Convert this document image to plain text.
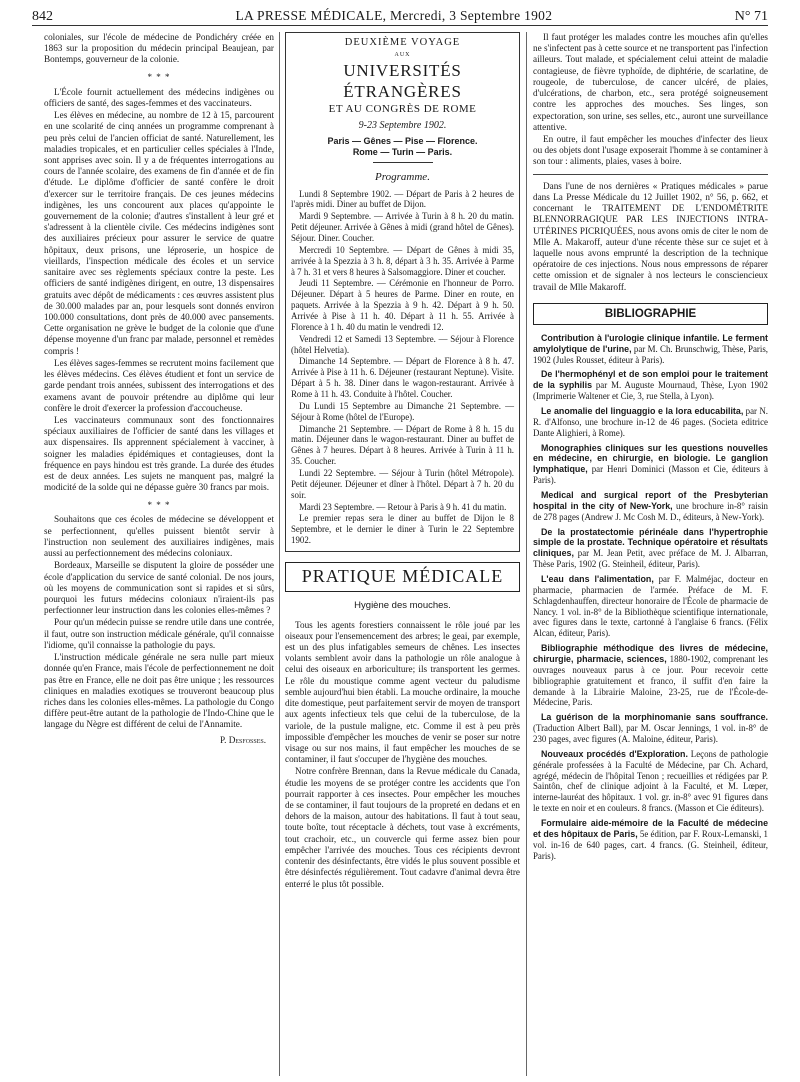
842	LA PRESSE MÉDICALE, Mercredi, 3 Septembre 1902	N° 71

coloniales, sur l'école de médecine de Pondichéry créée en 1863 sur la proposition du médecin principal Beaujean, par Bontemps, gouverneur de la colonie.

* * *

L'École fournit actuellement des médecins indigènes ou officiers de santé, des sages-femmes et des vaccinateurs.

Les élèves en médecine, au nombre de 12 à 15, parcourent en une scolarité de cinq années un programme comprenant à peu près celui de l'ancien officiat de santé. Naturellement, les maladies tropicales, et en particulier celles spéciales à l'Inde, sont apprises avec soin. Il y a de fréquentes interrogations au cours de l'année scolaire, des examens de fin d'année et de fin d'étude. Le diplôme d'officier de santé confère le droit d'exercer sur le territoire français. De ces jeunes médecins indigènes, les uns concourent aux places qu'appointe le gouvernement de la colonie; d'autres s'installent à leur gré et s'adressent à la clientèle civile. Ces médecins indigènes sont des auxiliaires précieux pour assurer le service de quatre hôpitaux, deux prisons, une léproserie, un hospice de vieillards, l'inspection médicale des écoles et un service sanitaire avec ses règlements spéciaux contre la peste. Les officiers de santé indigènes dirigent, en outre, 13 dispensaires gratuits avec dépôt de médicaments : ces œuvres assistent plus de 30.000 malades par an, pour lesquels sont donnés environ 100.000 consultations, dont près de 40.000 avec pansements. Cette organisation ne grève le budget de la colonie que d'une dépense moyenne d'un franc par malade, personnel et remèdes compris !

Les élèves sages-femmes se recrutent moins facilement que les élèves médecins. Ces élèves étudient et font un service de garde pendant trois années, subissent des interrogations et des examens avant de pouvoir prétendre au diplôme qui leur confère le droit d'exercer la profession d'accoucheuse.

Les vaccinateurs communaux sont des fonctionnaires spéciaux auxiliaires de l'officier de santé dans les villages et aux dispensaires. Ils apprennent spécialement à vacciner, à soigner les maladies épidémiques et contagieuses, dont la fréquence en pays hindou est très grande. La durée des études est de deux années. Les sujets ne manquent pas, malgré la modicité de la solde qui ne dépasse guère 30 francs par mois.

* * *

Souhaitons que ces écoles de médecine se développent et se perfectionnent, qu'elles puissent bientôt servir à l'instruction non seulement des auxiliaires indigènes, mais aussi au perfectionnement des médecins coloniaux.

Bordeaux, Marseille se disputent la gloire de posséder une école d'application du service de santé colonial. De nos jours, où les moyens de communication sont si rapides et si sûrs, pourquoi les futurs médecins coloniaux n'iraient-ils pas perfectionner leur instruction dans les colonies elles-mêmes ?

Pour qu'un médecin puisse se rendre utile dans une contrée, il faut, outre son instruction médicale générale, qu'il connaisse l'idiome, qu'il connaisse la pathologie du pays.

L'instruction médicale générale ne sera nulle part mieux donnée qu'en France, mais l'école de perfectionnement ne doit pas être en France, elle ne doit pas être unique ; les ressources cliniques en maladies exotiques se trouveront beaucoup plus riches dans les colonies elles-mêmes. La pathologie du Congo diffère peut-être autant de la pathologie de l'Indo-Chine que le langage du Nègre est différent de celui de l'Annamite.

P. Desfosses.
DEUXIÈME VOYAGE
AUX
UNIVERSITÉS ÉTRANGÈRES
ET AU CONGRÈS DE ROME
9-23 Septembre 1902.
Paris — Gênes — Pise — Florence.
Rome — Turin — Paris.
Programme.

Lundi 8 Septembre 1902. — Départ de Paris à 2 heures de l'après midi. Diner au buffet de Dijon.

Mardi 9 Septembre. — Arrivée à Turin à 8 h. 20 du matin. Petit déjeuner. Arrivée à Gênes à midi (grand hôtel de Gênes). Séjour. Diner. Coucher.

Mercredi 10 Septembre. — Départ de Gênes à midi 35, arrivée à la Spezzia à 3 h. 8, départ à 3 h. 35. Arrivée à Parme à 7 h. 31 et vers 8 heures à Salsomaggiore. Diner et coucher.

Jeudi 11 Septembre. — Cérémonie en l'honneur de Porro. Déjeuner. Départ à 5 heures de Parme. Diner en route, en paquets. Arrivée à la Spezzia à 9 h. 42. Départ à 9 h. 50. Arrivée à Pise à 11 h. 40. Départ à 11 h. 55. Arrivée à Florence à 1 h. 40 du matin le vendredi 12.

Vendredi 12 et Samedi 13 Septembre. — Séjour à Florence (hôtel Helvetia).

Dimanche 14 Septembre. — Départ de Florence à 8 h. 47. Arrivée à Pise à 11 h. 6. Déjeuner (restaurant Neptune). Visite. Départ à 5 h. 38. Diner dans le wagon-restaurant. Arrivée à Rome à 11 h. 43. Conduite à l'hôtel. Coucher.

Du Lundi 15 Septembre au Dimanche 21 Septembre. — Séjour à Rome (hôtel de l'Europe).

Dimanche 21 Septembre. — Départ de Rome à 8 h. 15 du matin. Déjeuner dans le wagon-restaurant. Diner au buffet de Gênes à 7 heures. Départ à 8 heures. Arrivée à Turin à 11 h. 35. Coucher.

Lundi 22 Septembre. — Séjour à Turin (hôtel Métropole). Petit déjeuner. Déjeuner et dîner à l'hôtel. Départ à 7 h. 20 du soir.

Mardi 23 Septembre. — Retour à Paris à 9 h. 41 du matin.

Le premier repas sera le diner au buffet de Dijon le 8 Septembre, et le dernier le diner à Turin le 22 Septembre 1902.

PRATIQUE MÉDICALE
Hygiène des mouches.

Tous les agents forestiers connaissent le rôle joué par les oiseaux pour l'ensemencement des arbres; le geai, par exemple, est un des plus infatigables semeurs de chênes. Les insectes volants semblent avoir dans la pathologie un rôle analogue à celui des oiseaux en arboriculture; ils transportent les germes. Le rôle du moustique comme agent vecteur du paludisme semble aujourd'hui bien établi. La mouche ordinaire, la mouche dite domestique, peut parfaitement servir de moyen de transport aux agents infectieux tels que celui de la tuberculose, de la variole, de la pustule maligne, etc. Comme il est à peu près impossible d'empêcher les mouches de venir se poser sur notre visage ou sur nos mains, il faut empêcher les mouches de se contaminer, il faut s'occuper de l'hygiène des mouches.

Notre confrère Brennan, dans la Revue médicale du Canada, étudie les moyens de se protéger contre les accidents que l'on pourrait rapporter à ces insectes. Pour empêcher les mouches de se contaminer, il faut toujours de la propreté en dedans et en dehors de la maison, autour des habitations. Il faut à tout seau, toute boîte, tout réceptacle à déchets, tout vase à excréments, tout crachoir, etc., un couvercle qui ferme assez bien pour empêcher l'arrivée des mouches. Tous ces récipients devront contenir des désinfectants, être vidés le plus souvent possible et être désinfectés régulièrement. Tout cadavre d'animal devra être enterré le plus tôt possible.

Il faut protéger les malades contre les mouches afin qu'elles ne s'infectent pas à cette source et ne transportent pas l'infection ailleurs. Tout malade, et spécialement celui atteint de maladie contagieuse, de fièvre typhoïde, de diphtérie, de scarlatine, de rougeole, de tuberculose, de cancer ulcéré, de plaies, d'ulcérations, de charbon, etc., sera protégé soigneusement contre les approches des mouches. Ses linges, son expectoration, son urine, ses selles, etc., auront une surveillance attentive.

En outre, il faut empêcher les mouches d'infecter des lieux ou des objets dont l'usage exposerait l'homme à se contaminer à son tour : aliments, plaies, vases à boire.

Dans l'une de nos dernières « Pratiques médicales » parue dans La Presse Médicale du 12 Juillet 1902, n° 56, p. 662, et concernant le TRAITEMENT DE L'ENDOMÉTRITE BLENNORRAGIQUE PAR LES INJECTIONS INTRA-UTÉRINES PICRIQUÉES, nous avons omis de citer le nom de Mlle A. Makaroff, auteur d'une récente thèse sur ce sujet et à laquelle nous avons emprunté la description de la technique opératoire de ces injections. Nous nous empressons de réparer cette omission et de signaler à nos lecteurs le consciencieux travail de Mlle Makaroff.

BIBLIOGRAPHIE

Contribution à l'urologie clinique infantile. Le ferment amylolytique de l'urine, par M. Ch. Brunschwig, Thèse, Paris, 1902 (Jules Rousset, éditeur à Paris).

De l'hermophényl et de son emploi pour le traitement de la syphilis par M. Auguste Mournaud, Thèse, Lyon 1902 (Imprimerie Waltener et Cie, 3, rue Stella, à Lyon).

Le anomalie del linguaggio e la lora educabilita, par N. R. d'Alfonso, une brochure in-12 de 46 pages. (Societa editrice Dante Alighieri, à Rome).

Monographies cliniques sur les questions nouvelles en médecine, en chirurgie, en biologie. Le ganglion lymphatique, par Henri Dominici (Masson et Cie, éditeurs à Paris).

Medical and surgical report of the Presbyterian hospital in the city of New-York, une brochure in-8° raisin de 278 pages (Andrew J. Mc Cosh M. D., éditeurs, à New-York).

De la prostatectomie périnéale dans l'hypertrophie simple de la prostate. Technique opératoire et résultats cliniques, par M. Jean Petit, avec préface de M. J. Albarran, Thèse Paris, 1902 (G. Steinheil, éditeur, Paris).

L'eau dans l'alimentation, par F. Malméjac, docteur en pharmacie, pharmacien de l'armée. Préface de M. F. Schlagdenhauffen, directeur honoraire de l'École de pharmacie de Nancy. 1 vol. in-8° de la Bibliothèque scientifique internationale, avec figures dans le texte, cartonné à l'anglaise 6 francs. (Félix Alcan, éditeur, Paris).

Bibliographie méthodique des livres de médecine, chirurgie, pharmacie, sciences, 1880-1902, comprenant les ouvrages nouveaux parus à ce jour. Pour recevoir cette bibliographie gratuitement et franco, il suffit d'en faire la demande à la Librairie Maloine, 23-25, rue de l'École-de-Médecine, Paris.

La guérison de la morphinomanie sans souffrance. (Traduction Albert Ball), par M. Oscar Jennings, 1 vol. in-8° de 230 pages, avec figures (A. Maloine, éditeur, Paris).

Nouveaux procédés d'Exploration. Leçons de pathologie générale professées à la Faculté de Médecine, par Ch. Achard, agrégé, médecin de l'hôpital Tenon ; recueillies et rédigées par P. Saintôn, chef de clinique adjoint à la Faculté, et M. Lœper, interne-lauréat des hôpitaux. 1 vol. gr. in-8° avec 91 figures dans le texte en noir et en couleurs. 8 francs. (Masson et Cie éditeurs).

Formulaire aide-mémoire de la Faculté de médecine et des hôpitaux de Paris, 5e édition, par F. Roux-Lemanski, 1 vol. in-16 de 640 pages, cart. 4 francs. (G. Steinheil, éditeur, Paris).
